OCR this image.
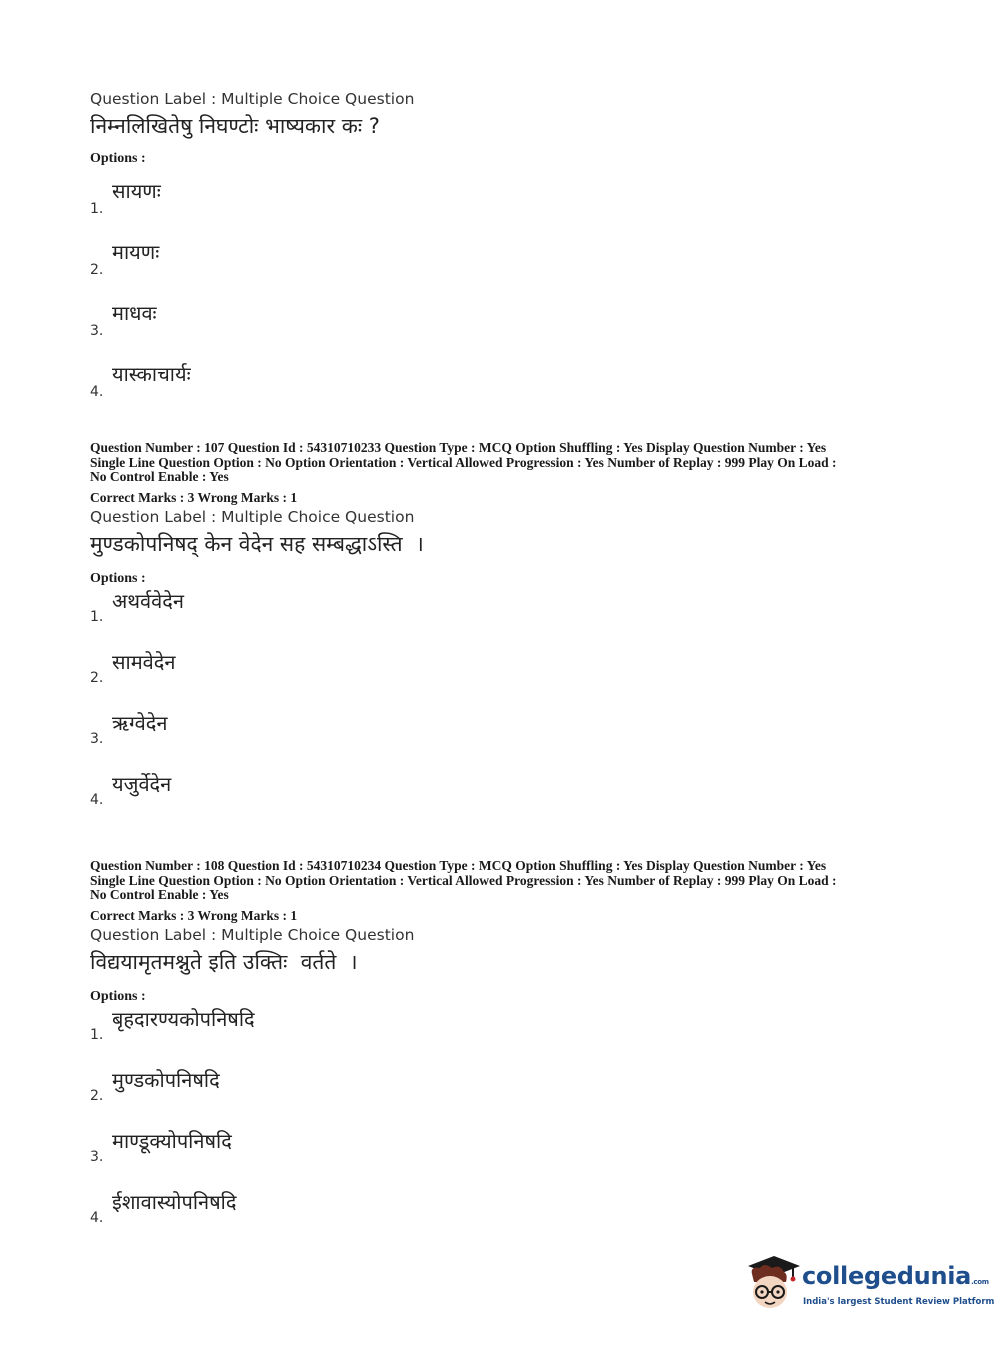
Question Label : Multiple Choice Question
निम्नलिखितेषु निघण्टोः भाष्यकार कः ?
Options :
1.
सायणः
2.
मायणः
3.
माधवः
4.
यास्काचार्यः
Question Number : 107 Question Id : 54310710233 Question Type : MCQ Option Shuffling : Yes Display Question Number : Yes
Single Line Question Option : No Option Orientation : Vertical Allowed Progression : Yes Number of Replay : 999 Play On Load :
No Control Enable : Yes
Correct Marks : 3 Wrong Marks : 1
Question Label : Multiple Choice Question
मुण्डकोपनिषद् केन वेदेन सह सम्बद्धाऽस्ति  ।
Options :
1.
अथर्ववेदेन
2.
सामवेदेन
3.
ऋग्वेदेन
4.
यजुर्वेदेन
Question Number : 108 Question Id : 54310710234 Question Type : MCQ Option Shuffling : Yes Display Question Number : Yes
Single Line Question Option : No Option Orientation : Vertical Allowed Progression : Yes Number of Replay : 999 Play On Load :
No Control Enable : Yes
Correct Marks : 3 Wrong Marks : 1
Question Label : Multiple Choice Question
विद्ययामृतमश्नुते इति उक्तिः  वर्तते  ।
Options :
1.
बृहदारण्यकोपनिषदि
2.
मुण्डकोपनिषदि
3.
माण्डूक्योपनिषदि
4.
ईशावास्योपनिषदि
collegedunia.com
India's largest Student Review Platform
